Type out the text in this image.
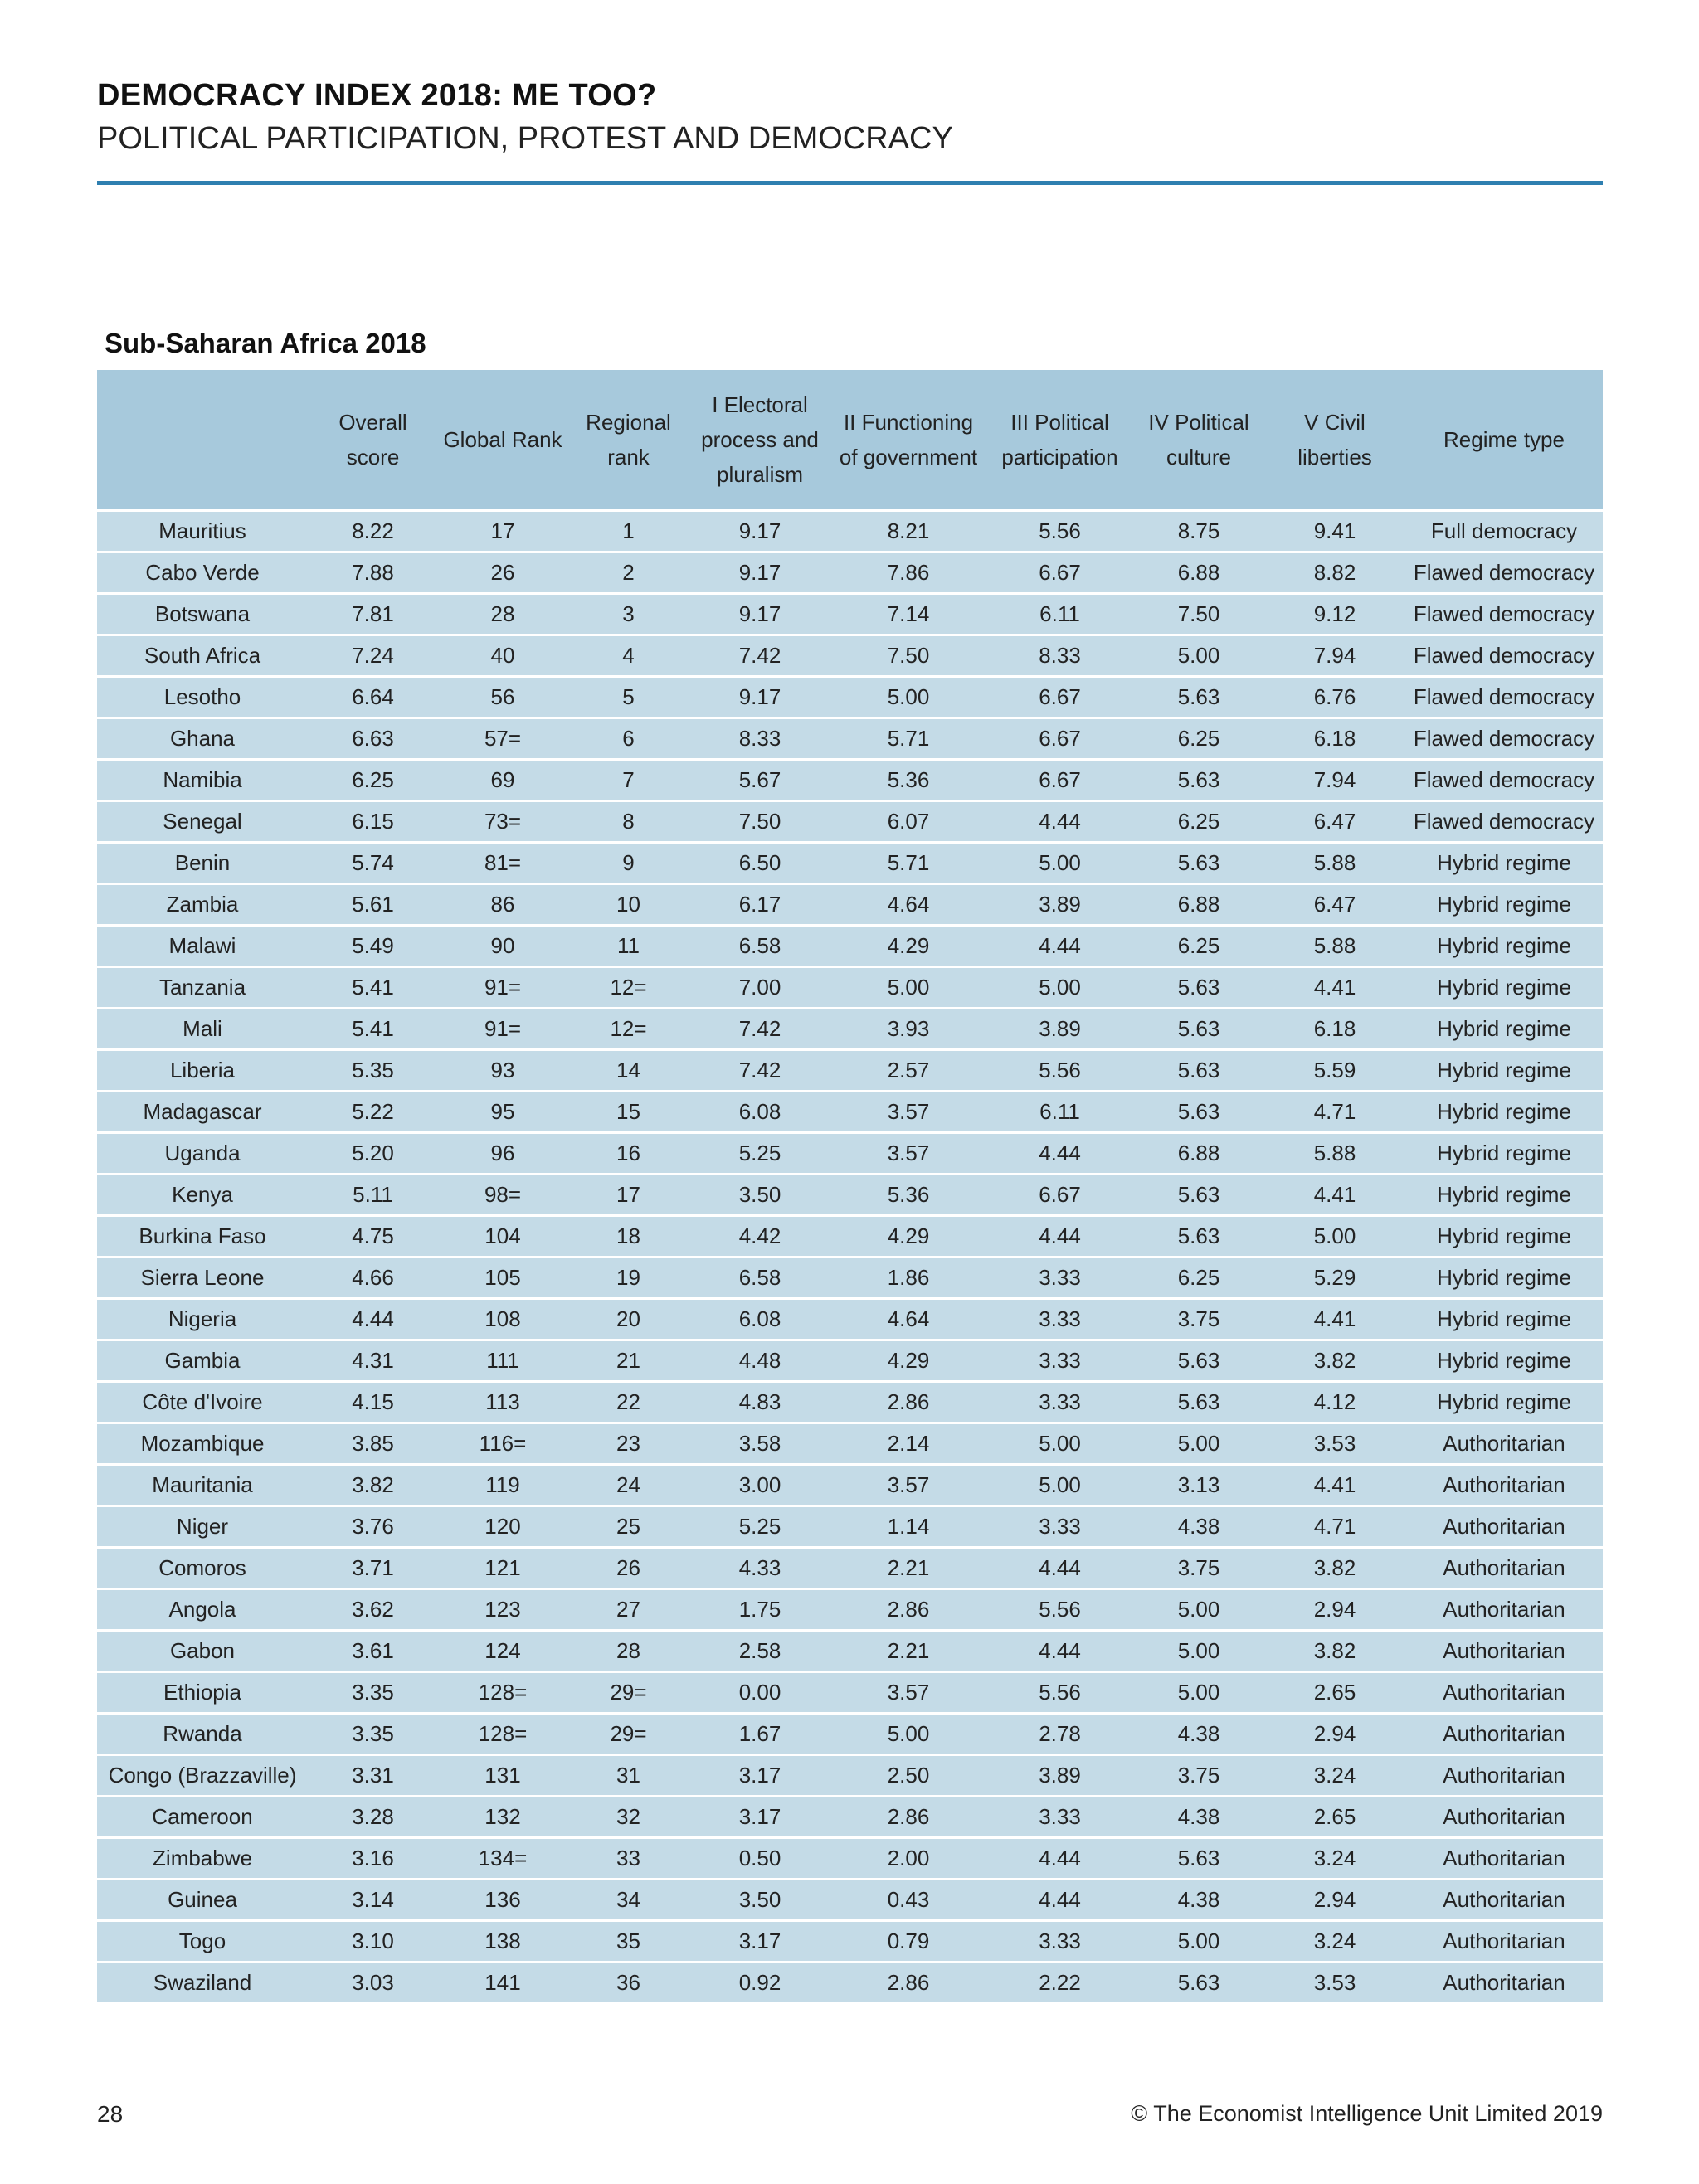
DEMOCRACY INDEX 2018: ME TOO?
POLITICAL PARTICIPATION, PROTEST AND DEMOCRACY
Sub-Saharan Africa 2018
	Overall score	Global Rank	Regional rank	I Electoral process and pluralism	II Functioning of government	III Political participation	IV Political culture	V Civil liberties	Regime type
Mauritius	8.22	17	1	9.17	8.21	5.56	8.75	9.41	Full democracy
Cabo Verde	7.88	26	2	9.17	7.86	6.67	6.88	8.82	Flawed democracy
Botswana	7.81	28	3	9.17	7.14	6.11	7.50	9.12	Flawed democracy
South Africa	7.24	40	4	7.42	7.50	8.33	5.00	7.94	Flawed democracy
Lesotho	6.64	56	5	9.17	5.00	6.67	5.63	6.76	Flawed democracy
Ghana	6.63	57=	6	8.33	5.71	6.67	6.25	6.18	Flawed democracy
Namibia	6.25	69	7	5.67	5.36	6.67	5.63	7.94	Flawed democracy
Senegal	6.15	73=	8	7.50	6.07	4.44	6.25	6.47	Flawed democracy
Benin	5.74	81=	9	6.50	5.71	5.00	5.63	5.88	Hybrid regime
Zambia	5.61	86	10	6.17	4.64	3.89	6.88	6.47	Hybrid regime
Malawi	5.49	90	11	6.58	4.29	4.44	6.25	5.88	Hybrid regime
Tanzania	5.41	91=	12=	7.00	5.00	5.00	5.63	4.41	Hybrid regime
Mali	5.41	91=	12=	7.42	3.93	3.89	5.63	6.18	Hybrid regime
Liberia	5.35	93	14	7.42	2.57	5.56	5.63	5.59	Hybrid regime
Madagascar	5.22	95	15	6.08	3.57	6.11	5.63	4.71	Hybrid regime
Uganda	5.20	96	16	5.25	3.57	4.44	6.88	5.88	Hybrid regime
Kenya	5.11	98=	17	3.50	5.36	6.67	5.63	4.41	Hybrid regime
Burkina Faso	4.75	104	18	4.42	4.29	4.44	5.63	5.00	Hybrid regime
Sierra Leone	4.66	105	19	6.58	1.86	3.33	6.25	5.29	Hybrid regime
Nigeria	4.44	108	20	6.08	4.64	3.33	3.75	4.41	Hybrid regime
Gambia	4.31	111	21	4.48	4.29	3.33	5.63	3.82	Hybrid regime
Côte d'Ivoire	4.15	113	22	4.83	2.86	3.33	5.63	4.12	Hybrid regime
Mozambique	3.85	116=	23	3.58	2.14	5.00	5.00	3.53	Authoritarian
Mauritania	3.82	119	24	3.00	3.57	5.00	3.13	4.41	Authoritarian
Niger	3.76	120	25	5.25	1.14	3.33	4.38	4.71	Authoritarian
Comoros	3.71	121	26	4.33	2.21	4.44	3.75	3.82	Authoritarian
Angola	3.62	123	27	1.75	2.86	5.56	5.00	2.94	Authoritarian
Gabon	3.61	124	28	2.58	2.21	4.44	5.00	3.82	Authoritarian
Ethiopia	3.35	128=	29=	0.00	3.57	5.56	5.00	2.65	Authoritarian
Rwanda	3.35	128=	29=	1.67	5.00	2.78	4.38	2.94	Authoritarian
Congo (Brazzaville)	3.31	131	31	3.17	2.50	3.89	3.75	3.24	Authoritarian
Cameroon	3.28	132	32	3.17	2.86	3.33	4.38	2.65	Authoritarian
Zimbabwe	3.16	134=	33	0.50	2.00	4.44	5.63	3.24	Authoritarian
Guinea	3.14	136	34	3.50	0.43	4.44	4.38	2.94	Authoritarian
Togo	3.10	138	35	3.17	0.79	3.33	5.00	3.24	Authoritarian
Swaziland	3.03	141	36	0.92	2.86	2.22	5.63	3.53	Authoritarian
28	© The Economist Intelligence Unit Limited 2019
